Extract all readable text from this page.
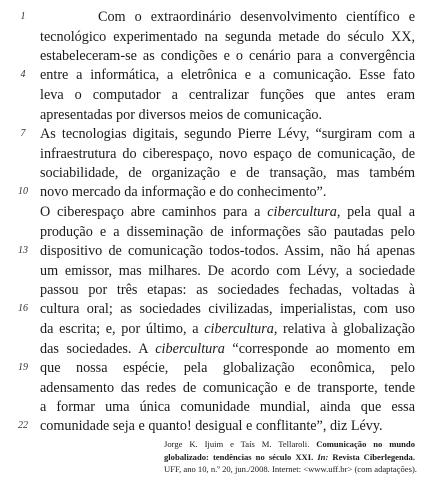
1
4
7
10
13
16
19
22
Com o extraordinário desenvolvimento científico e
tecnológico experimentado na segunda metade do século XX,
estabeleceram-se as condições e o cenário para a convergência
entre a informática, a eletrônica e a comunicação. Esse fato
leva o computador a centralizar funções que antes eram
apresentadas por diversos meios de comunicação.
As tecnologias digitais, segundo Pierre Lévy, “surgiram com a
infraestrutura do ciberespaço, novo espaço de comunicação, de
sociabilidade, de organização e de transação, mas também
novo mercado da informação e do conhecimento”.
O ciberespaço abre caminhos para a cibercultura, pela qual a
produção e a disseminação de informações são pautadas pelo
dispositivo de comunicação todos-todos. Assim, não há apenas
um emissor, mas milhares. De acordo com Lévy, a sociedade
passou por três etapas: as sociedades fechadas, voltadas à
cultura oral; as sociedades civilizadas, imperialistas, com uso
da escrita; e, por último, a cibercultura, relativa à globalização
das sociedades. A cibercultura “corresponde ao momento em
que nossa espécie, pela globalização econômica, pelo
adensamento das redes de comunicação e de transporte, tende
a formar uma única comunidade mundial, ainda que essa
comunidade seja e quanto! desigual e conflitante”, diz Lévy.
Jorge K. Ijuim e Taís M. Tellaroli. Comunicação no mundo
globalizado: tendências no século XXI. In: Revista Ciberlegenda.
UFF, ano 10, n.º 20, jun./2008. Internet: <www.uff.br> (com adaptações).
